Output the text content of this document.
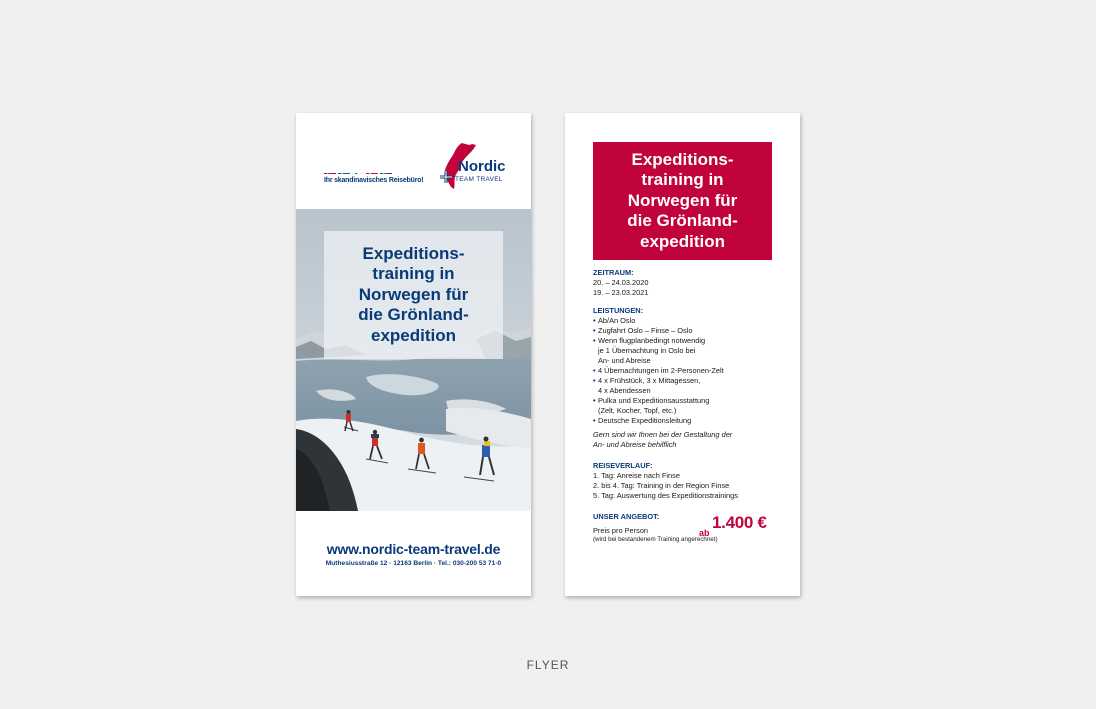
Ihr skandinavisches Reisebüro!
Nordic
TEAM TRAVEL
Expeditions-
training in
Norwegen für
die Grönland-
expedition
www.nordic-team-travel.de
Muthesiusstraße 12 · 12163 Berlin · Tel.: 030-200 53 71-0
Expeditions-
training in
Norwegen für
die Grönland-
expedition
ZEITRAUM:
20. – 24.03.2020
19. – 23.03.2021
LEISTUNGEN:
• Ab/An Oslo
• Zugfahrt Oslo – Finse – Oslo
• Wenn flugplanbedingt notwendig
je 1 Übernachtung in Oslo bei
An- und Abreise
• 4 Übernachtungen im 2-Personen-Zelt
• 4 x Frühstück, 3 x Mittagessen,
4 x Abendessen
• Pulka und Expeditionsausstattung
(Zelt, Kocher, Topf, etc.)
• Deutsche Expeditionsleitung
Gern sind wir Ihnen bei der Gestaltung der
An- und Abreise behilflich
REISEVERLAUF:
1. Tag: Anreise nach Finse
2. bis 4. Tag: Training in der Region Finse
5. Tag: Auswertung des Expeditionstrainings
UNSER ANGEBOT:
Preis pro Person
(wird bei bestandenem Training angerechnet)
ab
1.400 €
FLYER
